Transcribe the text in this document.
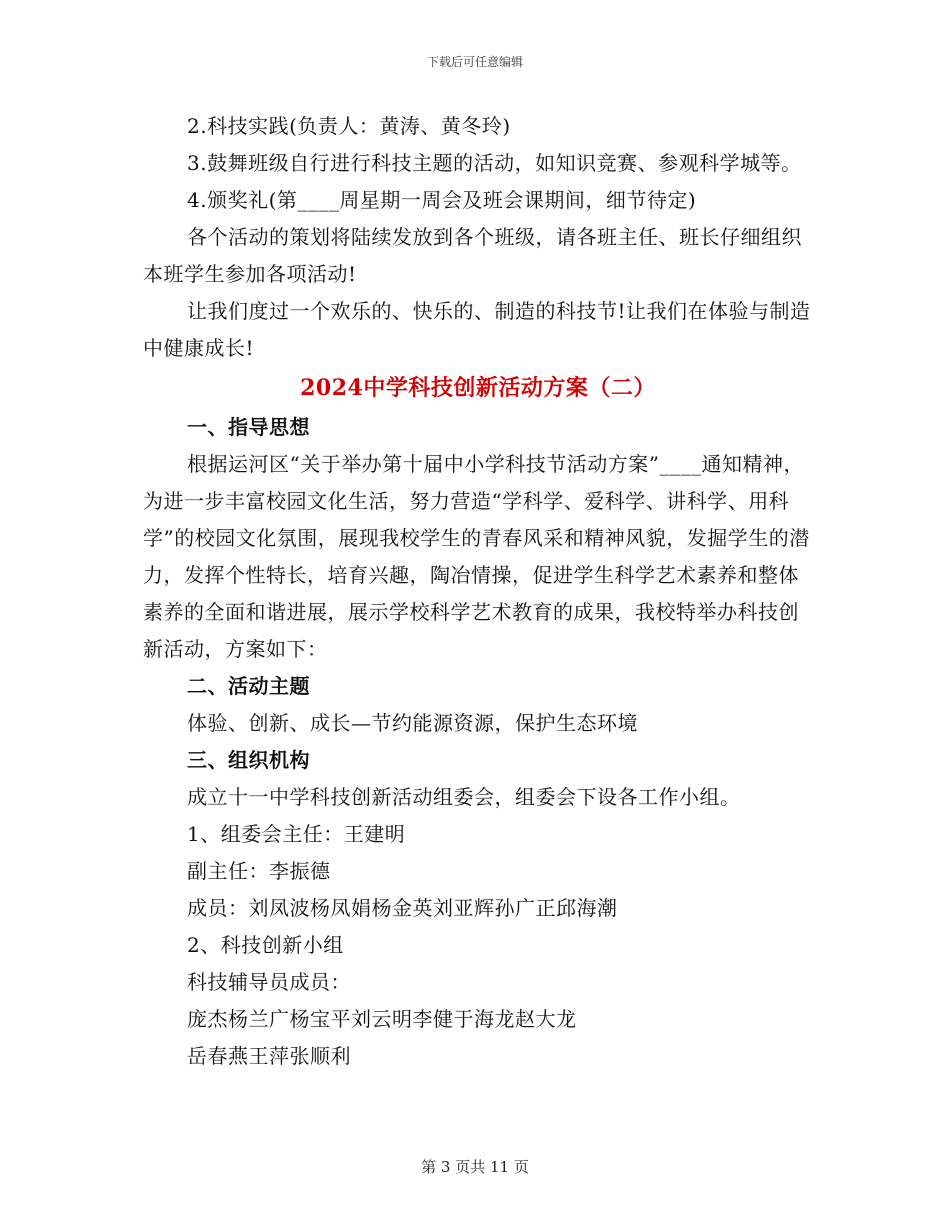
下载后可任意编辑

2.科技实践(负责人：黄涛、黄冬玲)

3.鼓舞班级自行进行科技主题的活动，如知识竞赛、参观科学城等。

4.颁奖礼(第____周星期一周会及班会课期间，细节待定)

各个活动的策划将陆续发放到各个班级，请各班主任、班长仔细组织本班学生参加各项活动!

让我们度过一个欢乐的、快乐的、制造的科技节!让我们在体验与制造中健康成长!

2024中学科技创新活动方案（二）

一、指导思想

根据运河区“关于举办第十届中小学科技节活动方案”____通知精神，为进一步丰富校园文化生活，努力营造“学科学、爱科学、讲科学、用科学”的校园文化氛围，展现我校学生的青春风采和精神风貌，发掘学生的潜力，发挥个性特长，培育兴趣，陶冶情操，促进学生科学艺术素养和整体素养的全面和谐进展，展示学校科学艺术教育的成果，我校特举办科技创新活动，方案如下：

二、活动主题

体验、创新、成长—节约能源资源，保护生态环境

三、组织机构

成立十一中学科技创新活动组委会，组委会下设各工作小组。

1、组委会主任：王建明

副主任：李振德

成员：刘凤波杨凤娟杨金英刘亚辉孙广正邱海潮

2、科技创新小组

科技辅导员成员：

庞杰杨兰广杨宝平刘云明李健于海龙赵大龙

岳春燕王萍张顺利

第 3 页共 11 页
